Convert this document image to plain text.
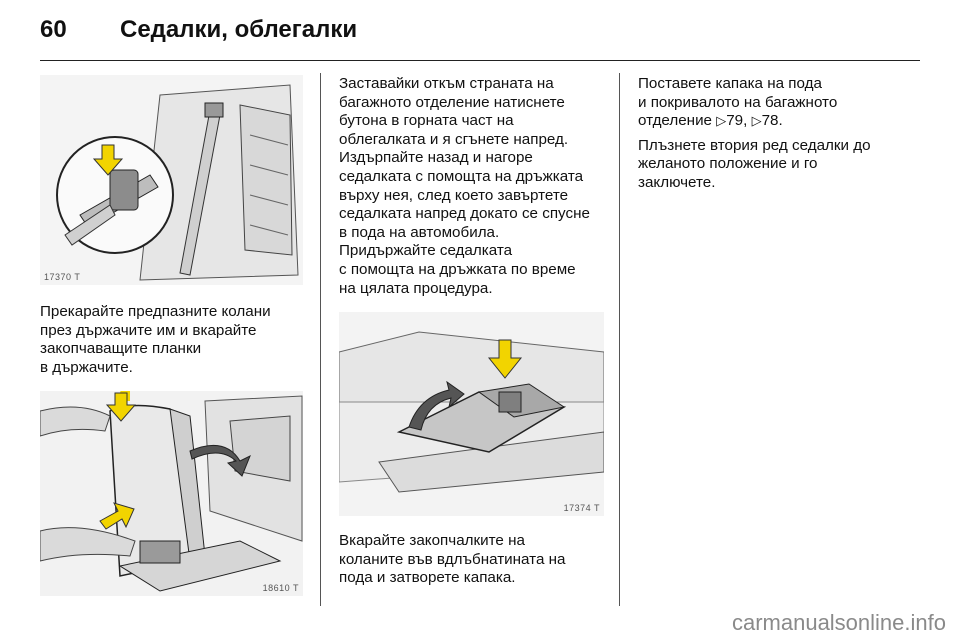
60	Седалки, облегалки
17370 T

Прекарайте предпазните колани
през държачите им и вкарайте
закопчаващите планки
в държачите.

18610 T

Заставайки откъм страната на
багажното отделение натиснете
бутона в горната част на
облегалката и я сгънете напред.
Издърпайте назад и нагоре
седалката с помощта на дръжката
върху нея, след което завъртете
седалката напред докато се спусне
в пода на автомобила.
Придържайте седалката
с помощта на дръжката по време
на цялата процедура.

17374 T

Вкарайте закопчалките на
коланите във вдлъбнатината на
пода и затворете капака.

Поставете капака на пода
и покривалото на багажното
отделение ▷79, ▷78.

Плъзнете втория ред седалки до
желаното положение и го
заключете.

carmanualsonline.info
